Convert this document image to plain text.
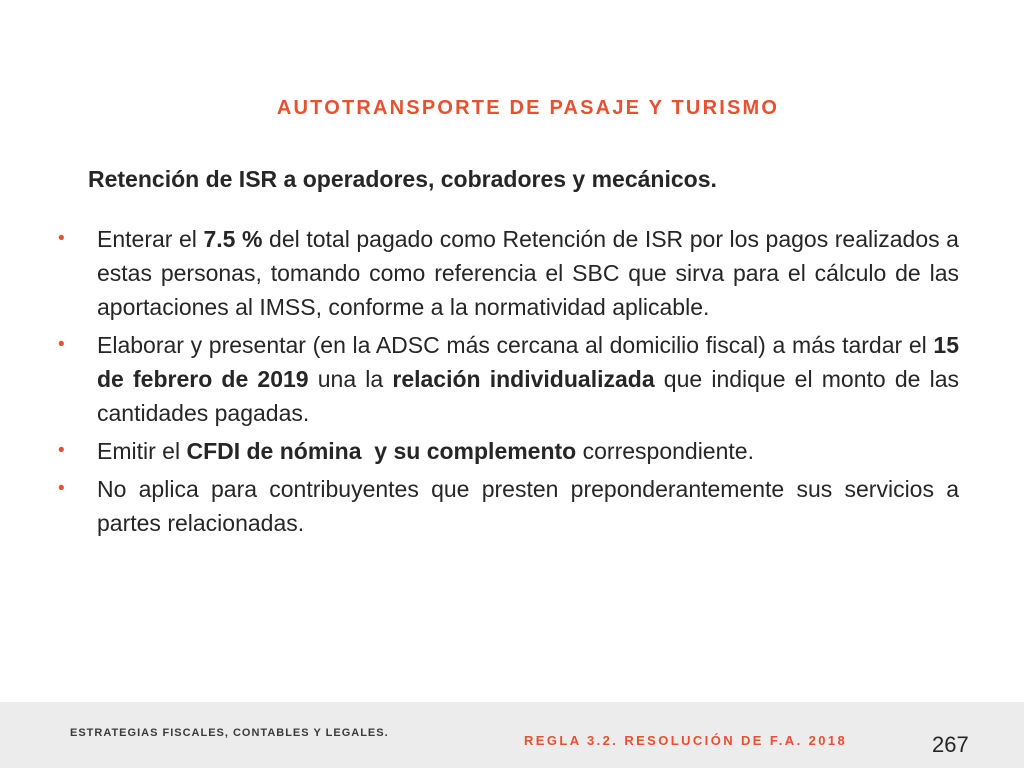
AUTOTRANSPORTE DE PASAJE Y TURISMO
Retención de ISR a operadores, cobradores y mecánicos.
• Enterar el 7.5 % del total pagado como Retención de ISR por los pagos realizados a estas personas, tomando como referencia el SBC que sirva para el cálculo de las aportaciones al IMSS, conforme a la normatividad aplicable.
• Elaborar y presentar (en la ADSC más cercana al domicilio fiscal) a más tardar el 15 de febrero de 2019 una la relación individualizada que indique el monto de las cantidades pagadas.
• Emitir el CFDI de nómina  y su complemento correspondiente.
• No aplica para contribuyentes que presten preponderantemente sus servicios a partes relacionadas.
ESTRATEGIAS FISCALES, CONTABLES Y LEGALES.	REGLA 3.2. RESOLUCIÓN DE F.A. 2018	267
